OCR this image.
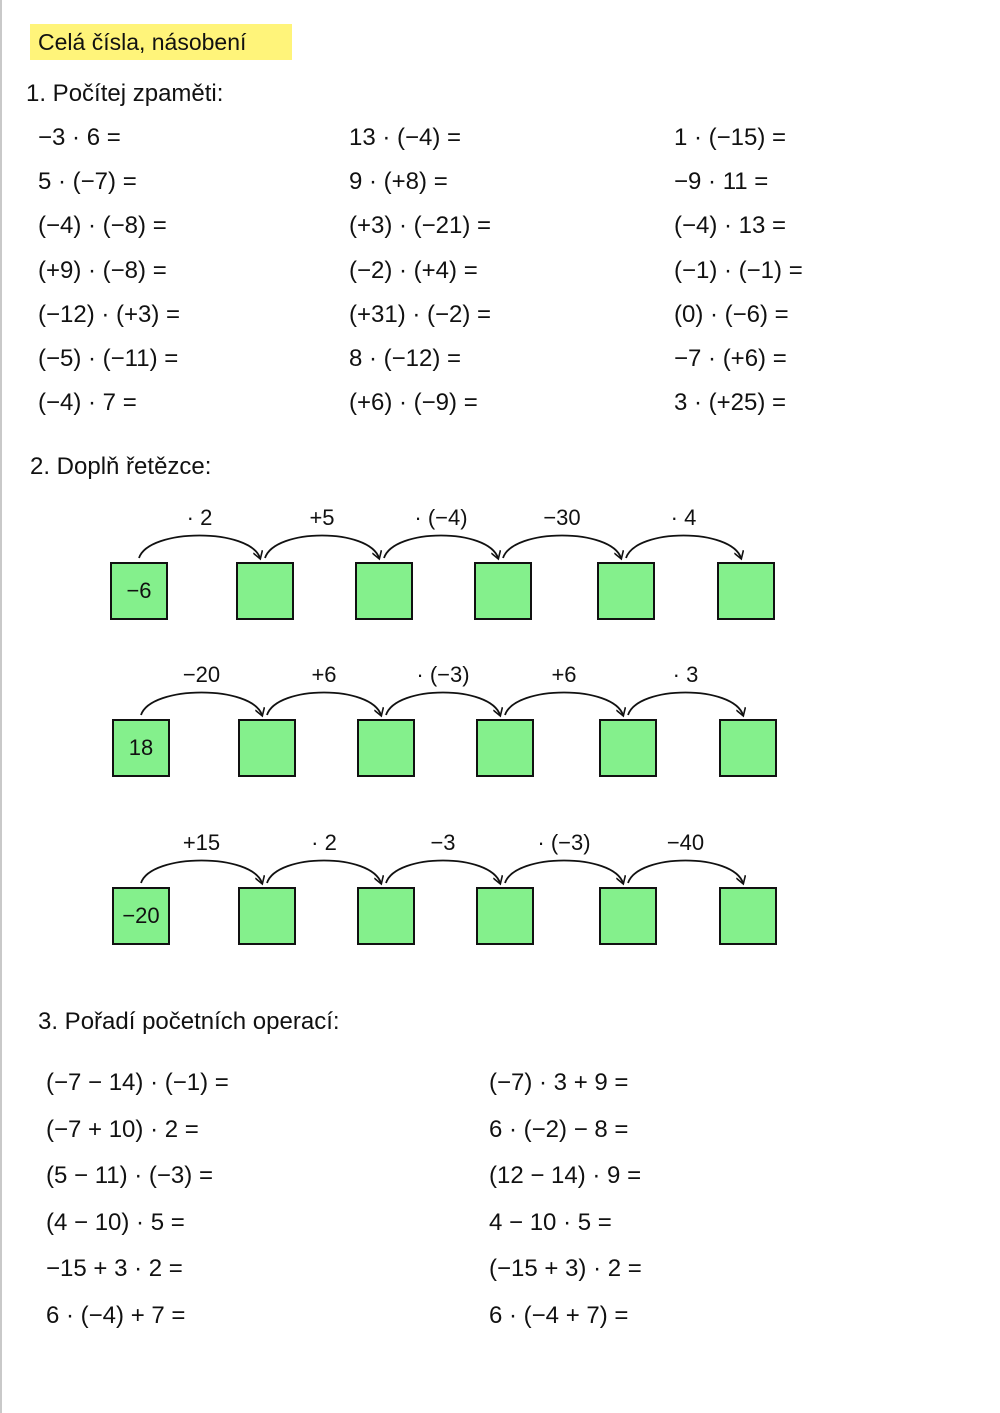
Celá čísla, násobení
1. Počítej zpaměti:
−3 · 6 =
5 · (−7) =
(−4) · (−8) =
(+9) · (−8) =
(−12) · (+3) =
(−5) · (−11) =
(−4) · 7 =
13 · (−4) =
9 · (+8) =
(+3) · (−21) =
(−2) · (+4) =
(+31) · (−2) =
8 · (−12) =
(+6) · (−9) =
1 · (−15) =
−9 · 11 =
(−4) · 13 =
(−1) · (−1) =
(0) · (−6) =
−7 · (+6) =
3 · (+25) =
2. Doplň řetězce:
−6
· 2	+5	· (−4)	−30	· 4
18
−20	+6	· (−3)	+6	· 3
−20
+15	· 2	−3	· (−3)	−40
3. Pořadí početních operací:
(−7 − 14) · (−1) =
(−7 + 10) · 2 =
(5 − 11) · (−3) =
(4 − 10) · 5 =
−15 + 3 · 2 =
6 · (−4) + 7 =
(−7) · 3 + 9 =
6 · (−2) − 8 =
(12 − 14) · 9 =
4 − 10 · 5 =
(−15 + 3) · 2 =
6 · (−4 + 7) =
